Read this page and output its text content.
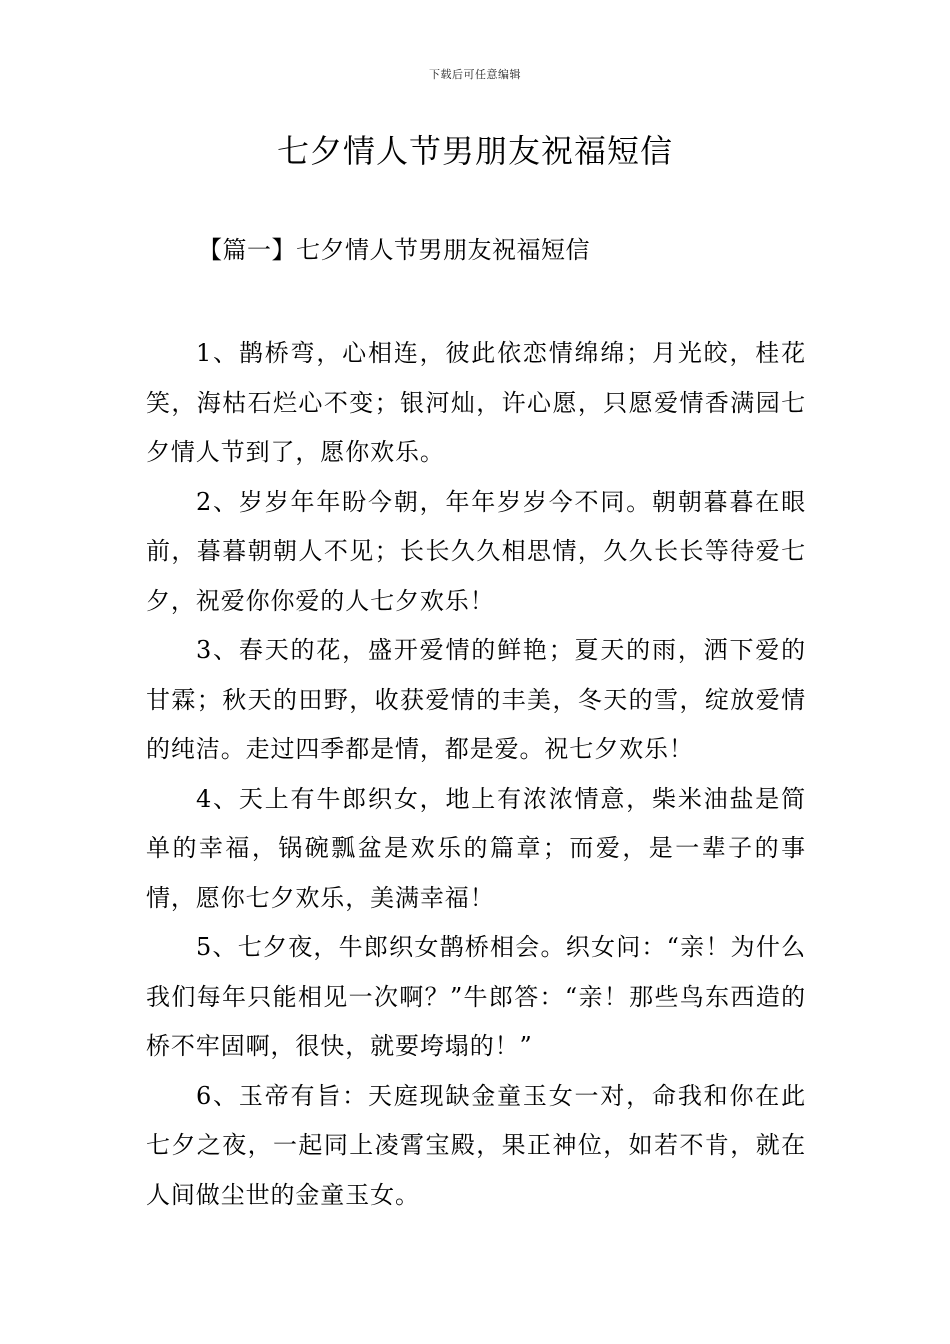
下载后可任意编辑
七夕情人节男朋友祝福短信
【篇一】七夕情人节男朋友祝福短信

1、鹊桥弯，心相连，彼此依恋情绵绵；月光皎，桂花笑，海枯石烂心不变；银河灿，许心愿，只愿爱情香满园七夕情人节到了，愿你欢乐。

2、岁岁年年盼今朝，年年岁岁今不同。朝朝暮暮在眼前，暮暮朝朝人不见；长长久久相思情，久久长长等待爱七夕，祝爱你你爱的人七夕欢乐！

3、春天的花，盛开爱情的鲜艳；夏天的雨，洒下爱的甘霖；秋天的田野，收获爱情的丰美，冬天的雪，绽放爱情的纯洁。走过四季都是情，都是爱。祝七夕欢乐！

4、天上有牛郎织女，地上有浓浓情意，柴米油盐是简单的幸福，锅碗瓢盆是欢乐的篇章；而爱，是一辈子的事情，愿你七夕欢乐，美满幸福！

5、七夕夜，牛郎织女鹊桥相会。织女问：“亲！为什么我们每年只能相见一次啊？”牛郎答：“亲！那些鸟东西造的桥不牢固啊，很快，就要垮塌的！”

6、玉帝有旨：天庭现缺金童玉女一对，命我和你在此七夕之夜，一起同上凌霄宝殿，果正神位，如若不肯，就在人间做尘世的金童玉女。
